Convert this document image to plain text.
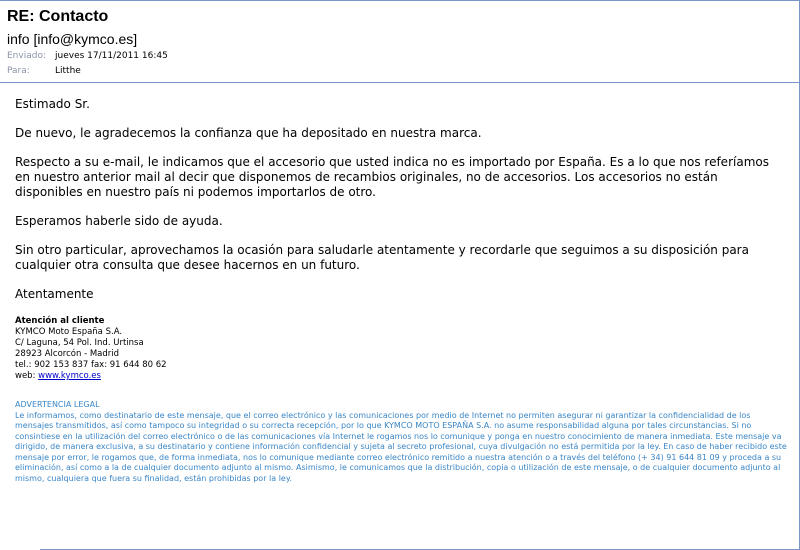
RE: Contacto
info [info@kymco.es]
Enviado:	jueves 17/11/2011 16:45
Para:	Litthe

Estimado Sr.

De nuevo, le agradecemos la confianza que ha depositado en nuestra marca.

Respecto a su e-mail, le indicamos que el accesorio que usted indica no es importado por España. Es a lo que nos referíamos en nuestro anterior mail al decir que disponemos de recambios originales, no de accesorios. Los accesorios no están disponibles en nuestro país ni podemos importarlos de otro.

Esperamos haberle sido de ayuda.

Sin otro particular, aprovechamos la ocasión para saludarle atentamente y recordarle que seguimos a su disposición para cualquier otra consulta que desee hacernos en un futuro.

Atentamente

Atención al cliente
KYMCO Moto España S.A.
C/ Laguna, 54 Pol. Ind. Urtinsa
28923 Alcorcón - Madrid
tel.: 902 153 837 fax: 91 644 80 62
web: www.kymco.es
ADVERTENCIA LEGAL
Le informamos, como destinatario de este mensaje, que el correo electrónico y las comunicaciones por medio de Internet no permiten asegurar ni garantizar la confidencialidad de los mensajes transmitidos, así como tampoco su integridad o su correcta recepción, por lo que KYMCO MOTO ESPAÑA S.A. no asume responsabilidad alguna por tales circunstancias. Si no consintiese en la utilización del correo electrónico o de las comunicaciones vía Internet le rogamos nos lo comunique y ponga en nuestro conocimiento de manera inmediata. Este mensaje va dirigido, de manera exclusiva, a su destinatario y contiene información confidencial y sujeta al secreto profesional, cuya divulgación no está permitida por la ley. En caso de haber recibido este mensaje por error, le rogamos que, de forma inmediata, nos lo comunique mediante correo electrónico remitido a nuestra atención o a través del teléfono (+ 34) 91 644 81 09 y proceda a su eliminación, así como a la de cualquier documento adjunto al mismo. Asimismo, le comunicamos que la distribución, copia o utilización de este mensaje, o de cualquier documento adjunto al mismo, cualquiera que fuera su finalidad, están prohibidas por la ley.
